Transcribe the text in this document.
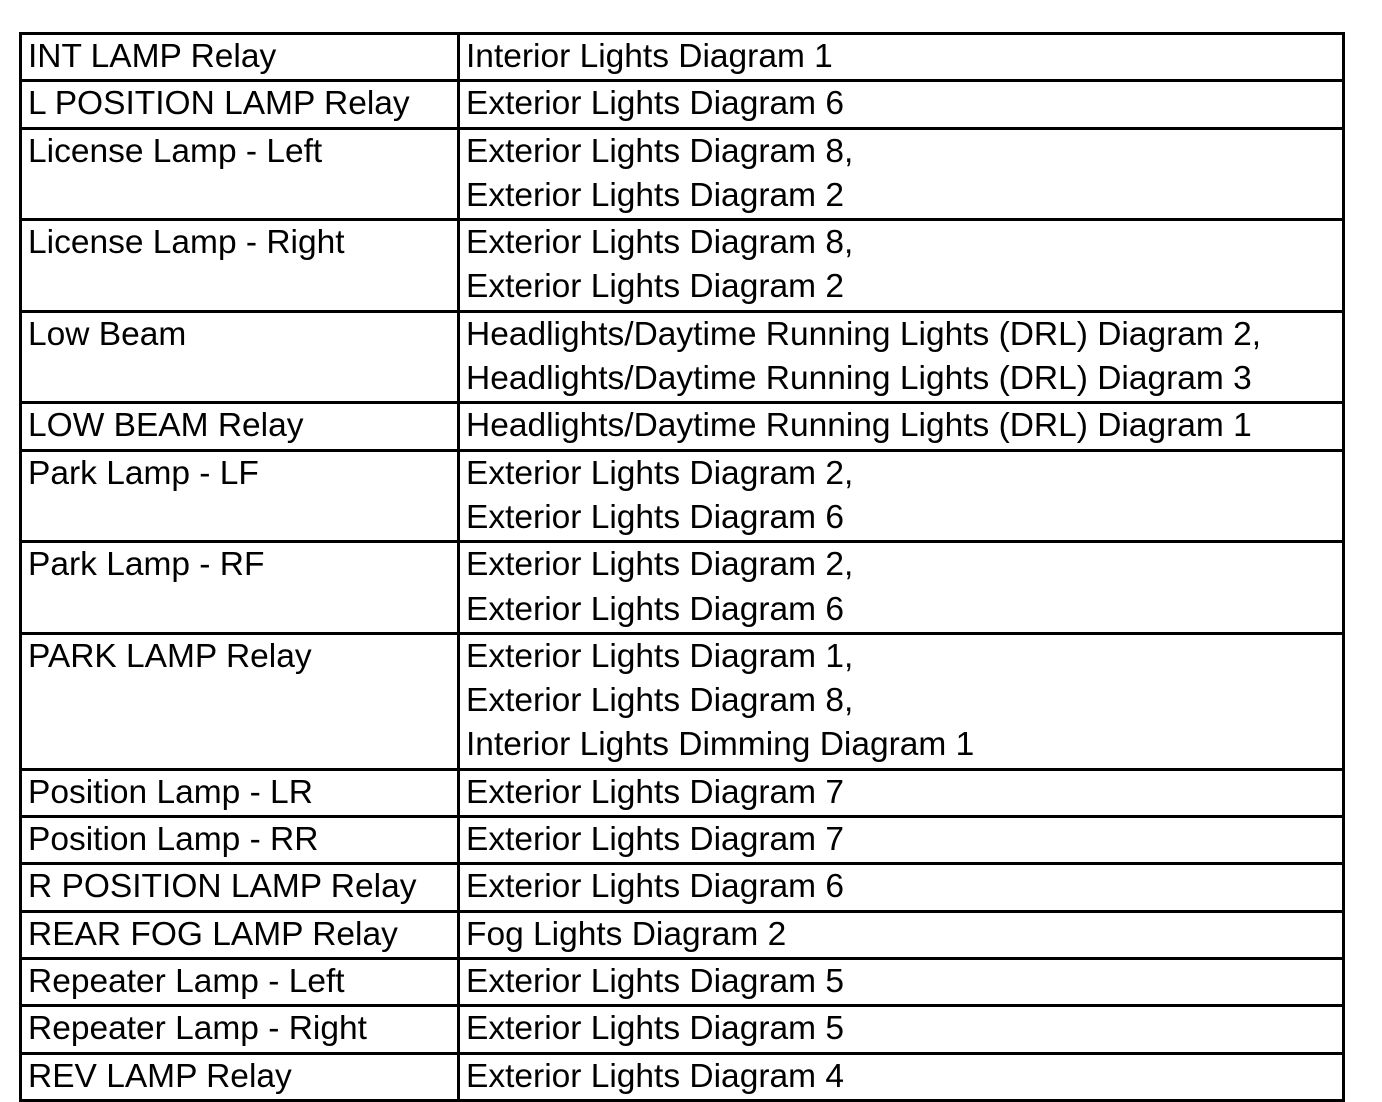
INT LAMP Relay	Interior Lights Diagram 1

L POSITION LAMP Relay	Exterior Lights Diagram 6

License Lamp - Left	Exterior Lights Diagram 8,
Exterior Lights Diagram 2

License Lamp - Right	Exterior Lights Diagram 8,
Exterior Lights Diagram 2

Low Beam	Headlights/Daytime Running Lights (DRL) Diagram 2,
Headlights/Daytime Running Lights (DRL) Diagram 3

LOW BEAM Relay	Headlights/Daytime Running Lights (DRL) Diagram 1

Park Lamp - LF	Exterior Lights Diagram 2,
Exterior Lights Diagram 6

Park Lamp - RF	Exterior Lights Diagram 2,
Exterior Lights Diagram 6

PARK LAMP Relay	Exterior Lights Diagram 1,
Exterior Lights Diagram 8,
Interior Lights Dimming Diagram 1

Position Lamp - LR	Exterior Lights Diagram 7

Position Lamp - RR	Exterior Lights Diagram 7

R POSITION LAMP Relay	Exterior Lights Diagram 6

REAR FOG LAMP Relay	Fog Lights Diagram 2

Repeater Lamp - Left	Exterior Lights Diagram 5

Repeater Lamp - Right	Exterior Lights Diagram 5

REV LAMP Relay	Exterior Lights Diagram 4
